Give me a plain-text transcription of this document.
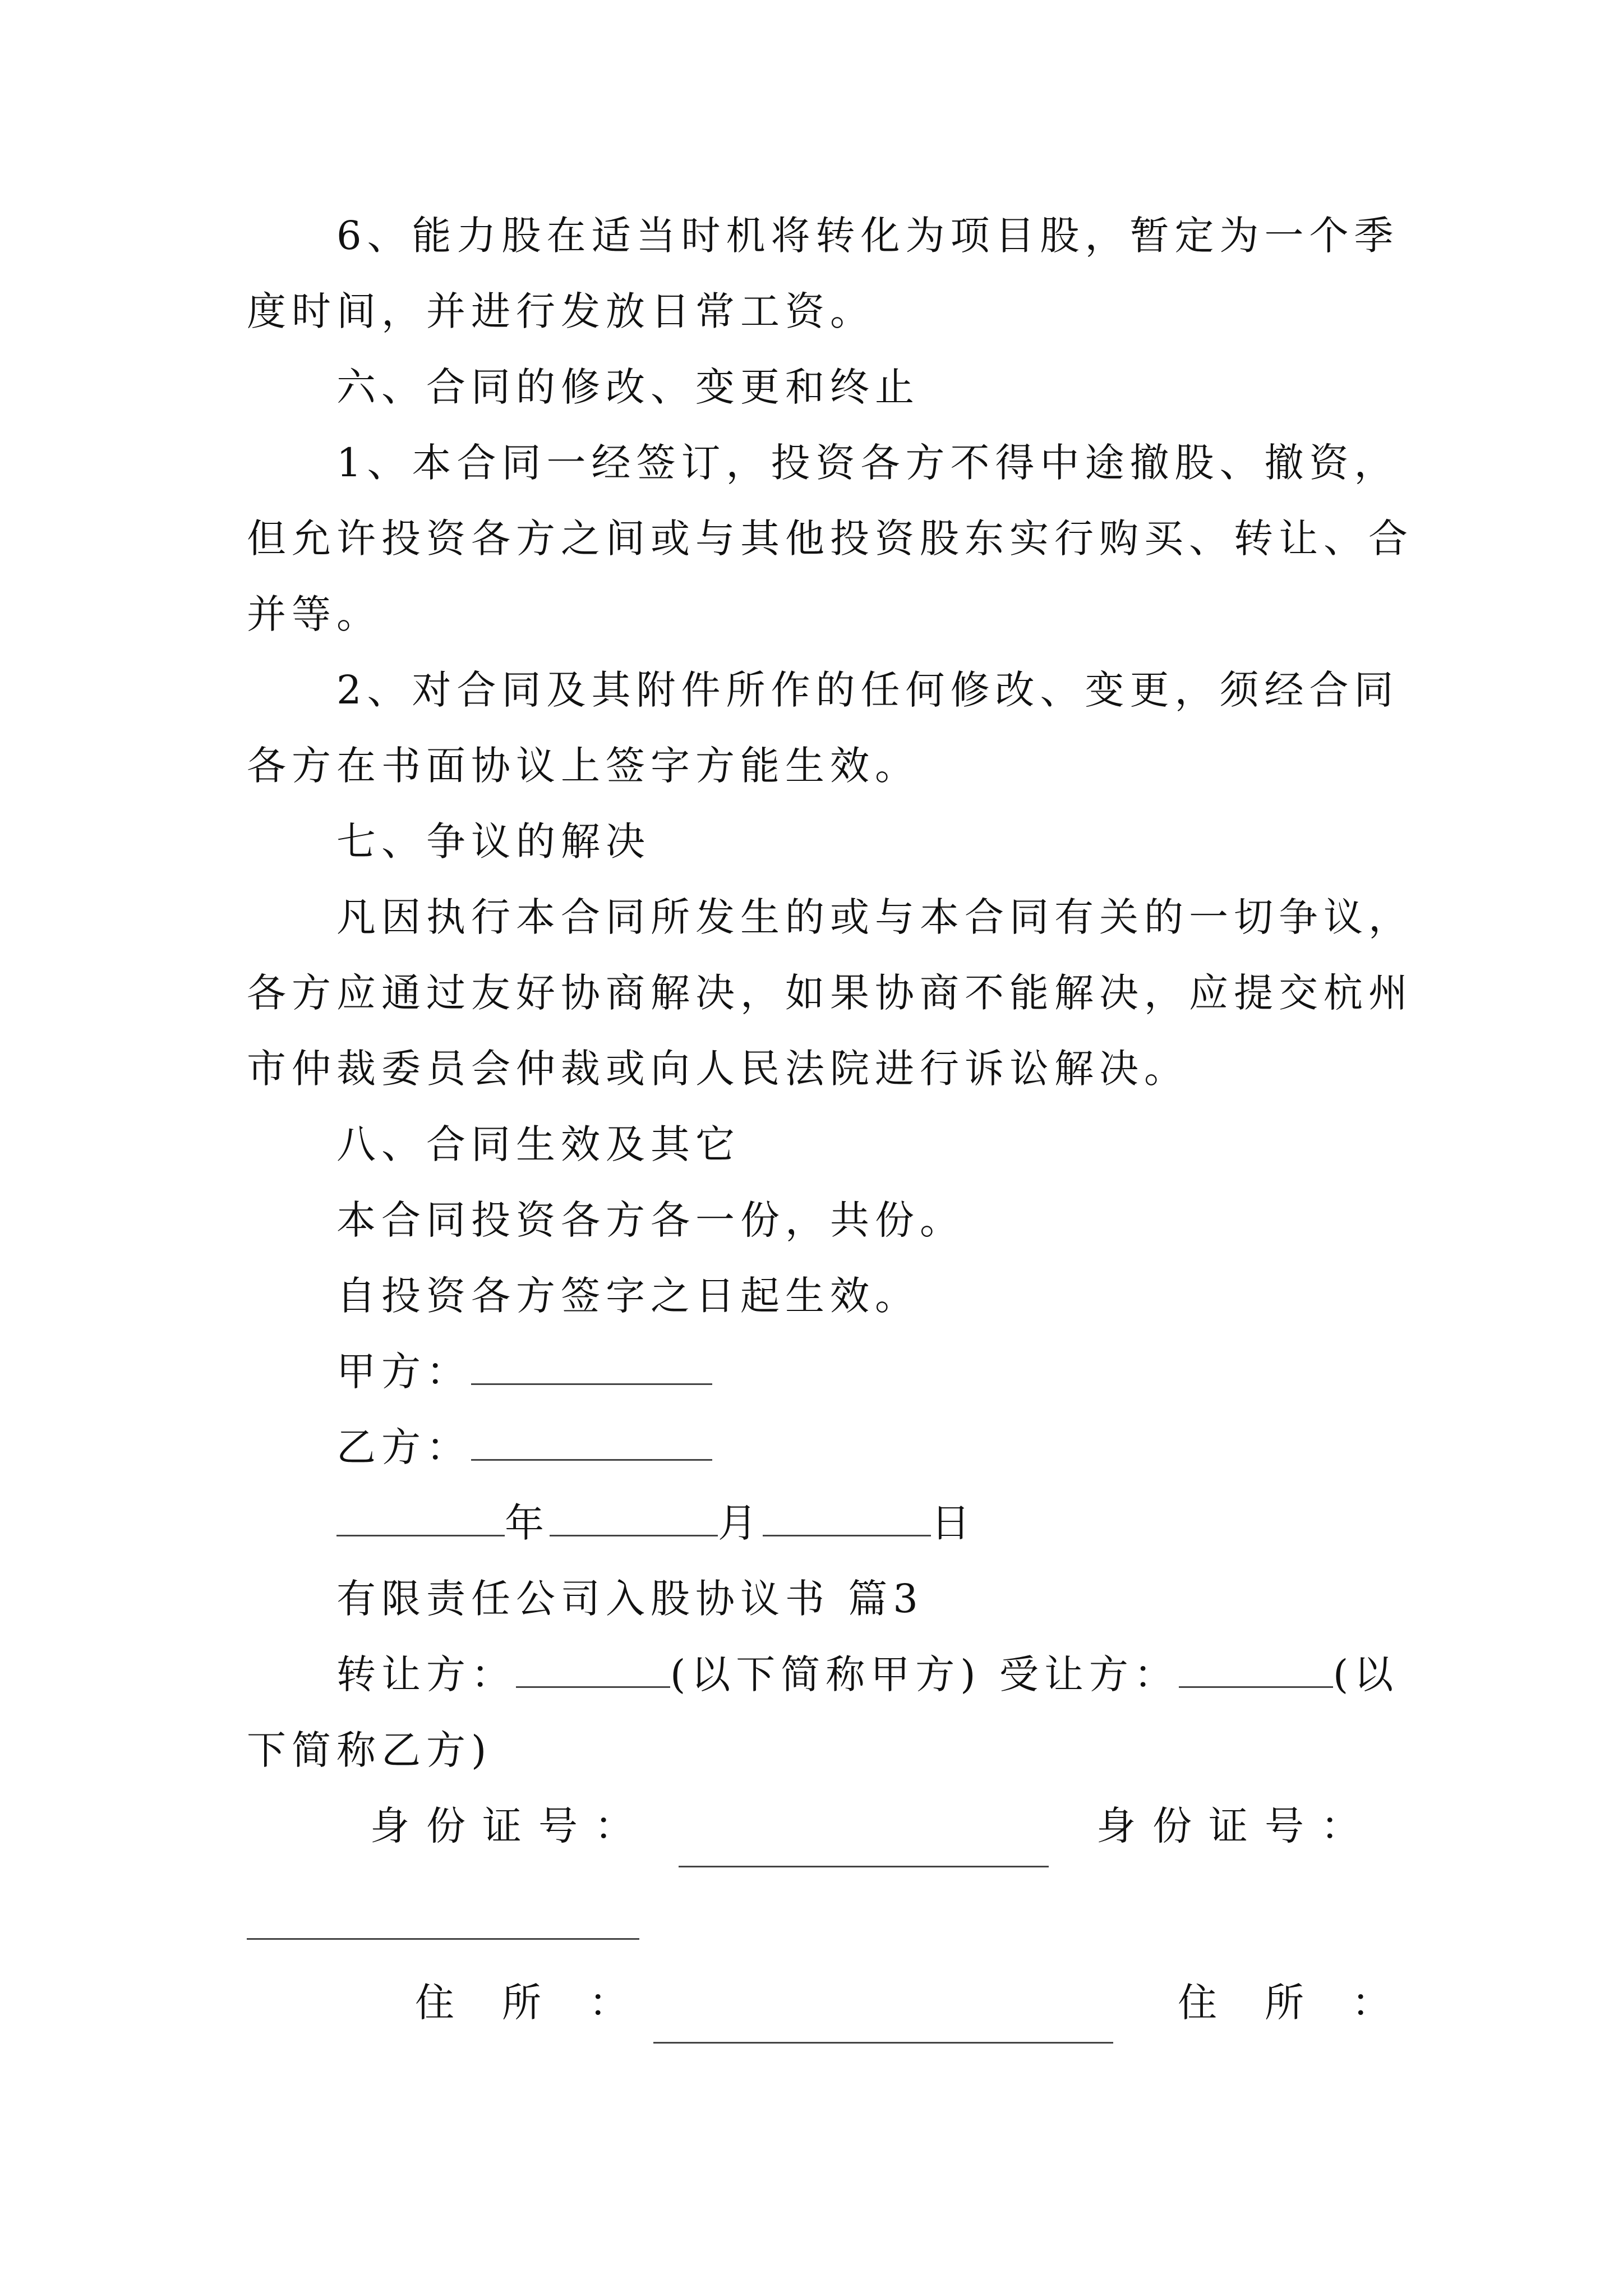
6、能力股在适当时机将转化为项目股，暂定为一个季
度时间，并进行发放日常工资。
六、合同的修改、变更和终止
1、本合同一经签订，投资各方不得中途撤股、撤资，
但允许投资各方之间或与其他投资股东实行购买、转让、合
并等。
2、对合同及其附件所作的任何修改、变更，须经合同
各方在书面协议上签字方能生效。
七、争议的解决
凡因执行本合同所发生的或与本合同有关的一切争议，
各方应通过友好协商解决，如果协商不能解决，应提交杭州
市仲裁委员会仲裁或向人民法院进行诉讼解决。
八、合同生效及其它
本合同投资各方各一份，共份。
自投资各方签字之日起生效。
甲方：
乙方：
年	月	日
有限责任公司入股协议书 篇3
转让方：	(以下简称甲方) 受让方：	(以
下简称乙方)
身份证号：	身份证号：
住所：	住所：
